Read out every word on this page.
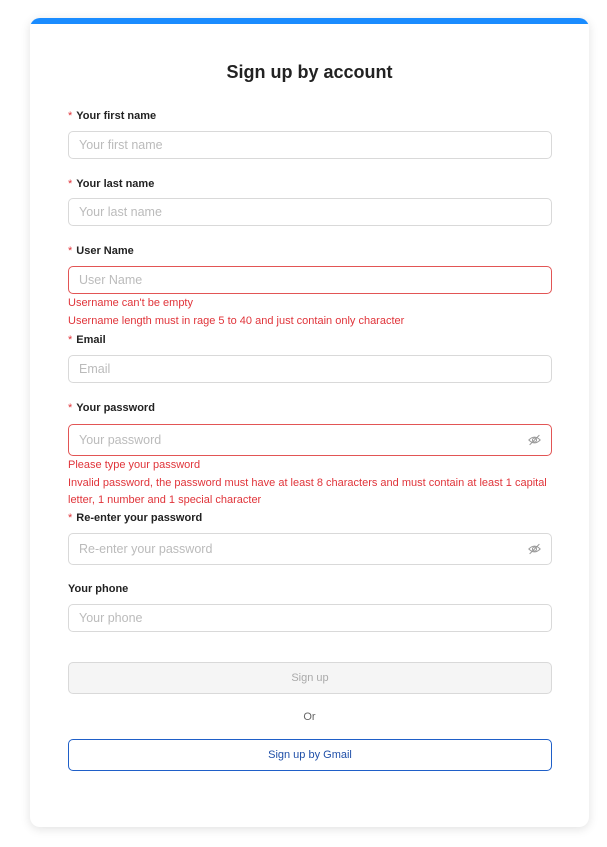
Sign up by account
* Your first name
Your first name
* Your last name
Your last name
* User Name
User Name
Username can't be empty
Username length must in rage 5 to 40 and just contain only character
* Email
Email
* Your password
Your password
Please type your password
Invalid password, the password must have at least 8 characters and must contain at least 1 capital letter, 1 number and 1 special character
* Re-enter your password
Re-enter your password
Your phone
Your phone
Sign up
Or
Sign up by Gmail
